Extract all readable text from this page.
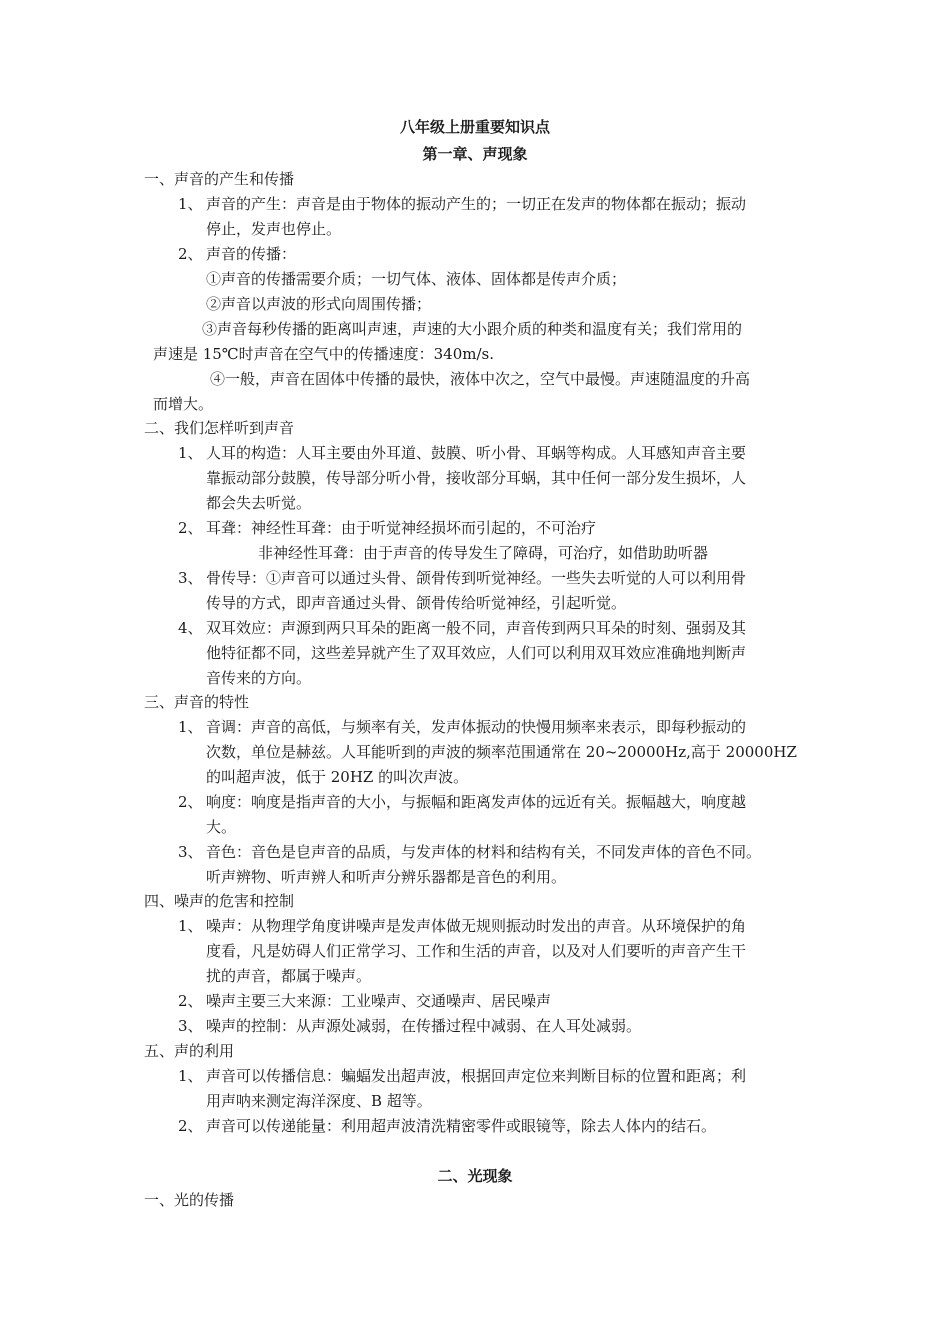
八年级上册重要知识点
第一章、声现象
一、声音的产生和传播
1、 声音的产生：声音是由于物体的振动产生的；一切正在发声的物体都在振动；振动
停止，发声也停止。
2、 声音的传播：
①声音的传播需要介质；一切气体、液体、固体都是传声介质；
②声音以声波的形式向周围传播；
③声音每秒传播的距离叫声速，声速的大小跟介质的种类和温度有关；我们常用的
声速是 15℃时声音在空气中的传播速度：340m/s.
④一般，声音在固体中传播的最快，液体中次之，空气中最慢。声速随温度的升高
而增大。
二、我们怎样听到声音
1、 人耳的构造：人耳主要由外耳道、鼓膜、听小骨、耳蜗等构成。人耳感知声音主要
靠振动部分鼓膜，传导部分听小骨，接收部分耳蜗，其中任何一部分发生损坏，人
都会失去听觉。
2、 耳聋：神经性耳聋：由于听觉神经损坏而引起的，不可治疗
非神经性耳聋：由于声音的传导发生了障碍，可治疗，如借助助听器
3、 骨传导：①声音可以通过头骨、颌骨传到听觉神经。一些失去听觉的人可以利用骨
传导的方式，即声音通过头骨、颌骨传给听觉神经，引起听觉。
4、 双耳效应：声源到两只耳朵的距离一般不同，声音传到两只耳朵的时刻、强弱及其
他特征都不同，这些差异就产生了双耳效应，人们可以利用双耳效应准确地判断声
音传来的方向。
三、声音的特性
1、 音调：声音的高低，与频率有关，发声体振动的快慢用频率来表示，即每秒振动的
次数，单位是赫兹。人耳能听到的声波的频率范围通常在 20~20000Hz,高于 20000HZ
的叫超声波，低于 20HZ 的叫次声波。
2、 响度：响度是指声音的大小，与振幅和距离发声体的远近有关。振幅越大，响度越
大。
3、 音色：音色是皀声音的品质，与发声体的材料和结构有关，不同发声体的音色不同。
听声辨物、听声辨人和听声分辨乐器都是音色的利用。
四、噪声的危害和控制
1、 噪声：从物理学角度讲噪声是发声体做无规则振动时发出的声音。从环境保护的角
度看，凡是妨碍人们正常学习、工作和生活的声音，以及对人们要听的声音产生干
扰的声音，都属于噪声。
2、 噪声主要三大来源：工业噪声、交通噪声、居民噪声
3、 噪声的控制：从声源处减弱，在传播过程中减弱、在人耳处减弱。
五、声的利用
1、 声音可以传播信息：蝙蝠发出超声波，根据回声定位来判断目标的位置和距离；利
用声呐来测定海洋深度、B 超等。
2、 声音可以传递能量：利用超声波清洗精密零件或眼镜等，除去人体内的结石。
二、光现象
一、光的传播
